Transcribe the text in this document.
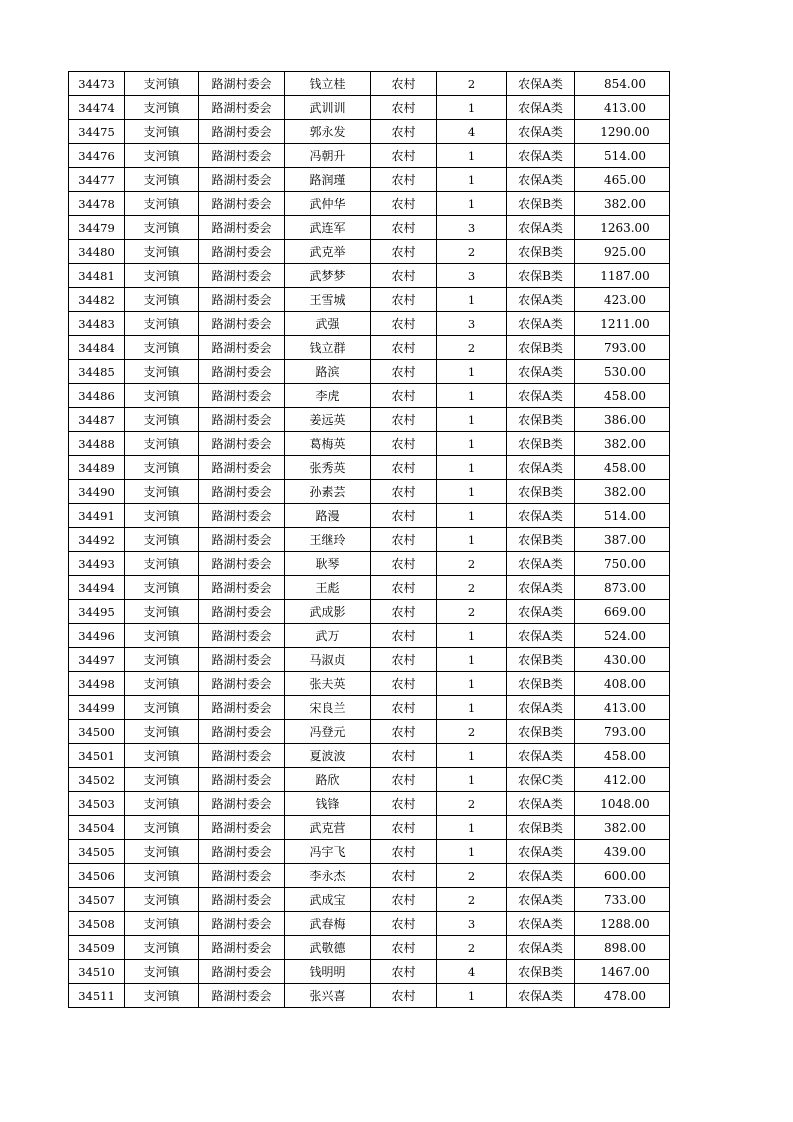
34473	支河镇	路湖村委会	钱立桂	农村	2	农保A类	854.00
34474	支河镇	路湖村委会	武训训	农村	1	农保A类	413.00
34475	支河镇	路湖村委会	郭永发	农村	4	农保A类	1290.00
34476	支河镇	路湖村委会	冯朝升	农村	1	农保A类	514.00
34477	支河镇	路湖村委会	路润瑾	农村	1	农保A类	465.00
34478	支河镇	路湖村委会	武仲华	农村	1	农保B类	382.00
34479	支河镇	路湖村委会	武连军	农村	3	农保A类	1263.00
34480	支河镇	路湖村委会	武克举	农村	2	农保B类	925.00
34481	支河镇	路湖村委会	武梦梦	农村	3	农保B类	1187.00
34482	支河镇	路湖村委会	王雪城	农村	1	农保A类	423.00
34483	支河镇	路湖村委会	武强	农村	3	农保A类	1211.00
34484	支河镇	路湖村委会	钱立群	农村	2	农保B类	793.00
34485	支河镇	路湖村委会	路滨	农村	1	农保A类	530.00
34486	支河镇	路湖村委会	李虎	农村	1	农保A类	458.00
34487	支河镇	路湖村委会	姜远英	农村	1	农保B类	386.00
34488	支河镇	路湖村委会	葛梅英	农村	1	农保B类	382.00
34489	支河镇	路湖村委会	张秀英	农村	1	农保A类	458.00
34490	支河镇	路湖村委会	孙素芸	农村	1	农保B类	382.00
34491	支河镇	路湖村委会	路漫	农村	1	农保A类	514.00
34492	支河镇	路湖村委会	王继玲	农村	1	农保B类	387.00
34493	支河镇	路湖村委会	耿琴	农村	2	农保A类	750.00
34494	支河镇	路湖村委会	王彪	农村	2	农保A类	873.00
34495	支河镇	路湖村委会	武成影	农村	2	农保A类	669.00
34496	支河镇	路湖村委会	武万	农村	1	农保A类	524.00
34497	支河镇	路湖村委会	马淑贞	农村	1	农保B类	430.00
34498	支河镇	路湖村委会	张夫英	农村	1	农保B类	408.00
34499	支河镇	路湖村委会	宋良兰	农村	1	农保A类	413.00
34500	支河镇	路湖村委会	冯登元	农村	2	农保B类	793.00
34501	支河镇	路湖村委会	夏波波	农村	1	农保A类	458.00
34502	支河镇	路湖村委会	路欣	农村	1	农保C类	412.00
34503	支河镇	路湖村委会	钱锋	农村	2	农保A类	1048.00
34504	支河镇	路湖村委会	武克营	农村	1	农保B类	382.00
34505	支河镇	路湖村委会	冯宇飞	农村	1	农保A类	439.00
34506	支河镇	路湖村委会	李永杰	农村	2	农保A类	600.00
34507	支河镇	路湖村委会	武成宝	农村	2	农保A类	733.00
34508	支河镇	路湖村委会	武春梅	农村	3	农保A类	1288.00
34509	支河镇	路湖村委会	武敬德	农村	2	农保A类	898.00
34510	支河镇	路湖村委会	钱明明	农村	4	农保B类	1467.00
34511	支河镇	路湖村委会	张兴喜	农村	1	农保A类	478.00
